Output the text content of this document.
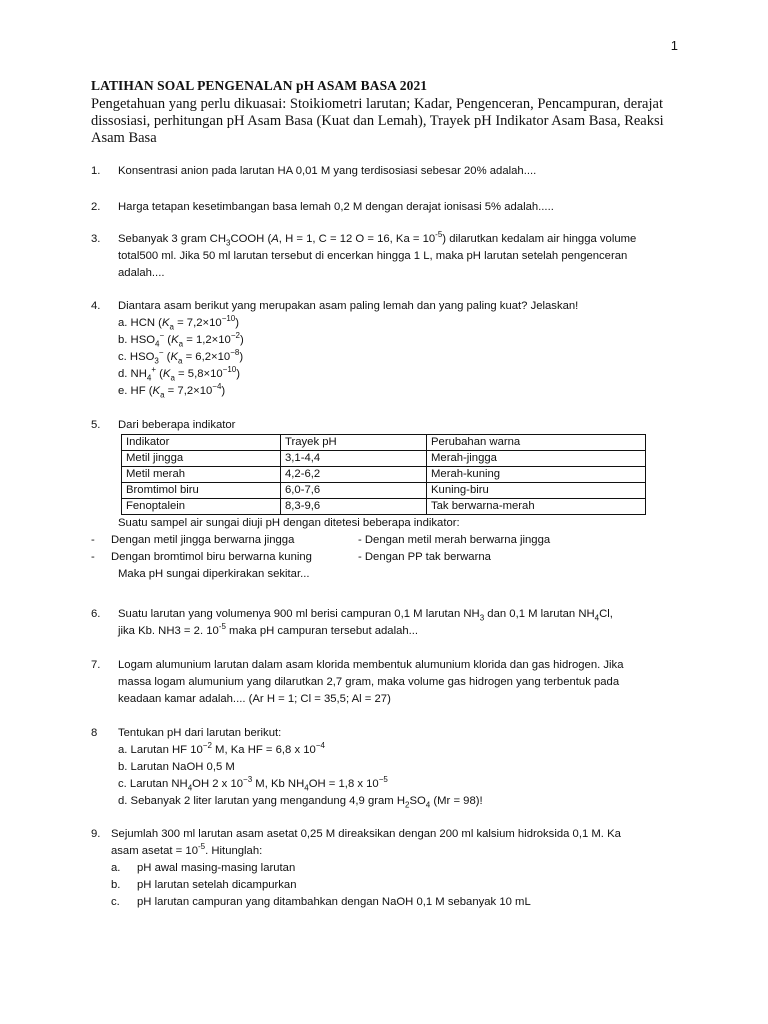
1

LATIHAN SOAL PENGENALAN pH ASAM BASA 2021

Pengetahuan yang perlu dikuasai: Stoikiometri larutan; Kadar, Pengenceran, Pencampuran, derajat dissosiasi, perhitungan pH Asam Basa (Kuat dan Lemah), Trayek pH Indikator Asam Basa, Reaksi Asam Basa

1. Konsentrasi anion pada larutan HA 0,01 M yang terdisosiasi sebesar 20% adalah....
2. Harga tetapan kesetimbangan basa lemah 0,2 M dengan derajat ionisasi 5% adalah.....
3. Sebanyak 3 gram $CH_3COOH$ (A, H = 1, C = 12 O = 16, $Ka = 10^{-5}$) dilarutkan kedalam air hingga volume
total500 ml. Jika 50 ml larutan tersebut di encerkan hingga 1 L, maka pH larutan setelah pengenceran
adalah....
4. Diantara asam berikut yang merupakan asam paling lemah dan yang paling kuat? Jelaskan!
a. HCN $(K_a = 7,2\times 10^{-10})$
b. $HSO_4^-$ $(K_a = 1,2\times 10^{-2})$
c. $HSO_3^-$ $(K_a = 6,2\times 10^{-8})$
d. $NH_4^+$ $(K_a = 5,8\times 10^{-10})$
e. HF $(K_a = 7,2\times 10^{-4})$
5. Dari beberapa indikator
Indikator	Trayek pH	Perubahan warna
Metil jingga	3,1-4,4	Merah-jingga
Metil merah	4,2-6,2	Merah-kuning
Bromtimol biru	6,0-7,6	Kuning-biru
Fenoptalein	8,3-9,6	Tak berwarna-merah
Suatu sampel air sungai diuji pH dengan ditetesi beberapa indikator:
- Dengan metil jingga berwarna jingga	- Dengan metil merah berwarna jingga
- Dengan bromtimol biru berwarna kuning	- Dengan PP tak berwarna
Maka pH sungai diperkirakan sekitar...
6. Suatu larutan yang volumenya 900 ml berisi campuran 0,1 M larutan $NH_3$ dan 0,1 M larutan $NH_4Cl$,
jika Kb. NH3 = 2. $10^{-5}$ maka pH campuran tersebut adalah...
7. Logam alumunium larutan dalam asam klorida membentuk alumunium klorida dan gas hidrogen. Jika
massa logam alumunium yang dilarutkan 2,7 gram, maka volume gas hidrogen yang terbentuk pada
keadaan kamar adalah.... (Ar H = 1; Cl = 35,5; Al = 27)
8 Tentukan pH dari larutan berikut:
a. Larutan HF $10^{-2}$ M, Ka HF = 6,8 x $10^{-4}$
b. Larutan NaOH 0,5 M
c. Larutan $NH_4OH$ 2 x $10^{-3}$ M, Kb $NH_4OH = 1,8$ x $10^{-5}$
d. Sebanyak 2 liter larutan yang mengandung 4,9 gram $H_2SO_4$ (Mr = 98)!
9. Sejumlah 300 ml larutan asam asetat 0,25 M direaksikan dengan 200 ml kalsium hidroksida 0,1 M. Ka
asam asetat = $10^{-5}$. Hitunglah:
a. pH awal masing-masing larutan
b. pH larutan setelah dicampurkan
c. pH larutan campuran yang ditambahkan dengan NaOH 0,1 M sebanyak 10 mL
